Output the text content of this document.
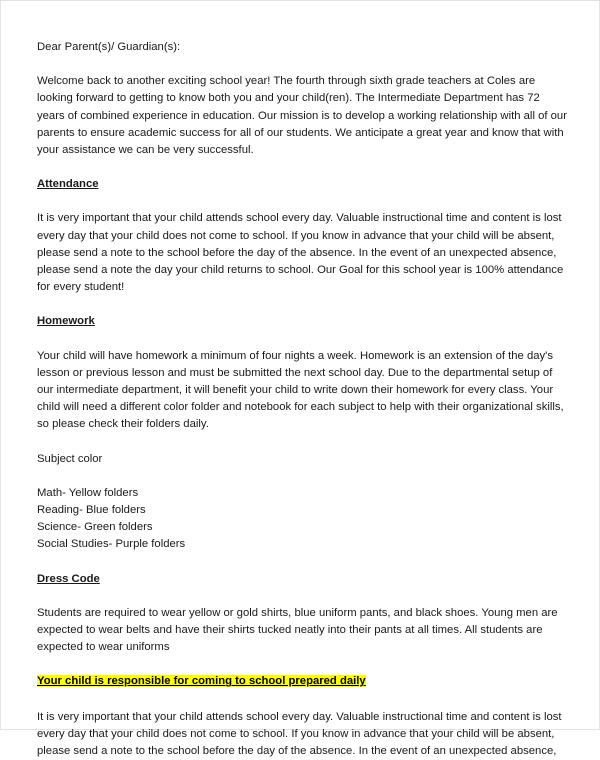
Dear Parent(s)/ Guardian(s):

Welcome back to another exciting school year! The fourth through sixth grade teachers at Coles are looking forward to getting to know both you and your child(ren). The Intermediate Department has 72 years of combined experience in education. Our mission is to develop a working relationship with all of our parents to ensure academic success for all of our students. We anticipate a great year and know that with your assistance we can be very successful.

Attendance

It is very important that your child attends school every day. Valuable instructional time and content is lost every day that your child does not come to school. If you know in advance that your child will be absent, please send a note to the school before the day of the absence. In the event of an unexpected absence, please send a note the day your child returns to school. Our Goal for this school year is 100% attendance for every student!

Homework

Your child will have homework a minimum of four nights a week. Homework is an extension of the day's lesson or previous lesson and must be submitted the next school day. Due to the departmental setup of our intermediate department, it will benefit your child to write down their homework for every class. Your child will need a different color folder and notebook for each subject to help with their organizational skills, so please check their folders daily.

Subject color

Math- Yellow folders
Reading- Blue folders
Science- Green folders
Social Studies- Purple folders
Dress Code

Students are required to wear yellow or gold shirts, blue uniform pants, and black shoes. Young men are expected to wear belts and have their shirts tucked neatly into their pants at all times. All students are expected to wear uniforms

Your child is responsible for coming to school prepared daily

It is very important that your child attends school every day. Valuable instructional time and content is lost every day that your child does not come to school. If you know in advance that your child will be absent, please send a note to the school before the day of the absence. In the event of an unexpected absence,
